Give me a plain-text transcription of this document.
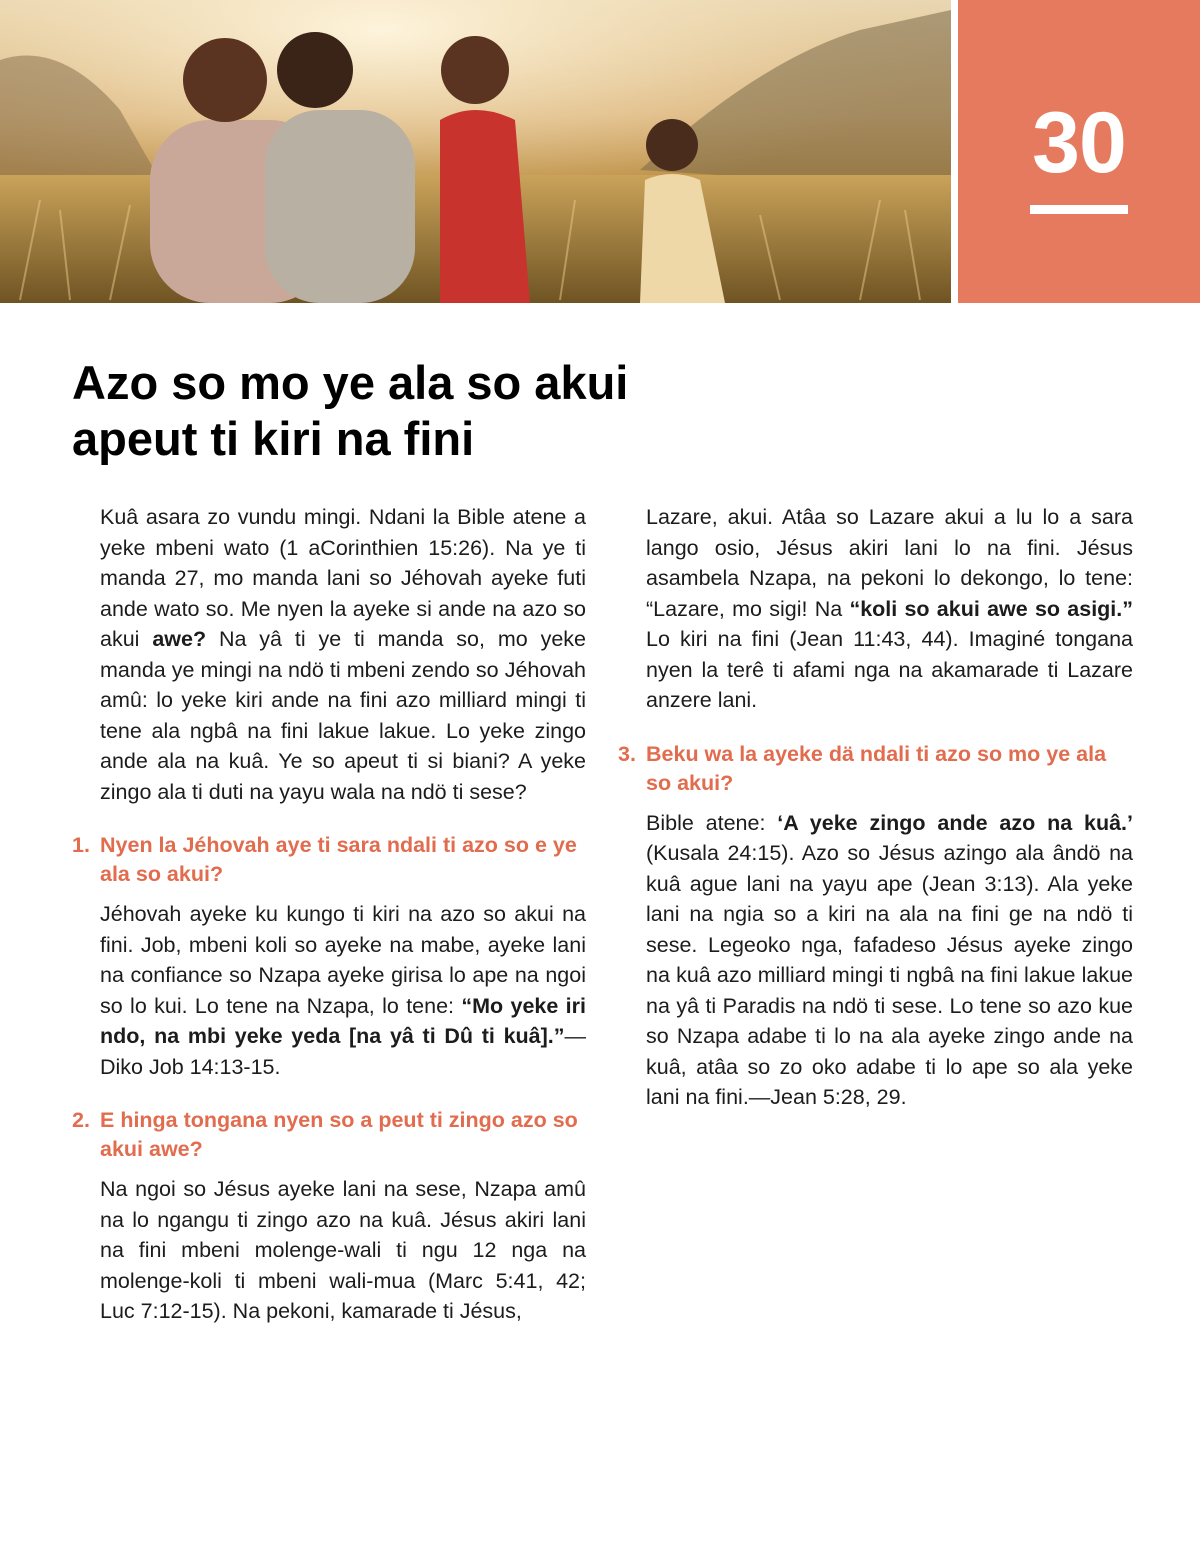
30
Azo so mo ye ala so akui
apeut ti kiri na fini

Kuâ asara zo vundu mingi. Ndani la Bible atene a yeke mbeni wato (1 aCorinthien 15:26). Na ye ti manda 27, mo manda lani so Jéhovah ayeke futi ande wato so. Me nyen la ayeke si ande na azo so akui awe? Na yâ ti ye ti manda so, mo yeke manda ye mingi na ndö ti mbeni zendo so Jéhovah amû: lo yeke kiri ande na fini azo milliard mingi ti tene ala ngbâ na fini lakue lakue. Lo yeke zingo ande ala na kuâ. Ye so apeut ti si biani? A yeke zingo ala ti duti na yayu wala na ndö ti sese?

1. Nyen la Jéhovah aye ti sara ndali ti azo so e ye ala so akui?

Jéhovah ayeke ku kungo ti kiri na azo so akui na fini. Job, mbeni koli so ayeke na mabe, ayeke lani na confiance so Nzapa ayeke girisa lo ape na ngoi so lo kui. Lo tene na Nzapa, lo tene: “Mo yeke iri ndo, na mbi yeke yeda [na yâ ti Dû ti kuâ].”—Diko Job 14:13-15.

2. E hinga tongana nyen so a peut ti zingo azo so akui awe?

Na ngoi so Jésus ayeke lani na sese, Nzapa amû na lo ngangu ti zingo azo na kuâ. Jésus akiri lani na fini mbeni molenge-wali ti ngu 12 nga na molenge-koli ti mbeni wali-mua (Marc 5:41, 42; Luc 7:12-15). Na pekoni, kamarade ti Jésus,

Lazare, akui. Atâa so Lazare akui a lu lo a sara lango osio, Jésus akiri lani lo na fini. Jésus asambela Nzapa, na pekoni lo dekongo, lo tene: “Lazare, mo sigi! Na “koli so akui awe so asigi.” Lo kiri na fini (Jean 11:43, 44). Imaginé tongana nyen la terê ti afami nga na akamarade ti Lazare anzere lani.

3. Beku wa la ayeke dä ndali ti azo so mo ye ala so akui?

Bible atene: ‘A yeke zingo ande azo na kuâ.’ (Kusala 24:15). Azo so Jésus azingo ala ândö na kuâ ague lani na yayu ape (Jean 3:13). Ala yeke lani na ngia so a kiri na ala na fini ge na ndö ti sese. Legeoko nga, fafadeso Jésus ayeke zingo na kuâ azo milliard mingi ti ngbâ na fini lakue lakue na yâ ti Paradis na ndö ti sese. Lo tene so azo kue so Nzapa adabe ti lo na ala ayeke zingo ande na kuâ, atâa so zo oko adabe ti lo ape so ala yeke lani na fini.—Jean 5:28, 29.
